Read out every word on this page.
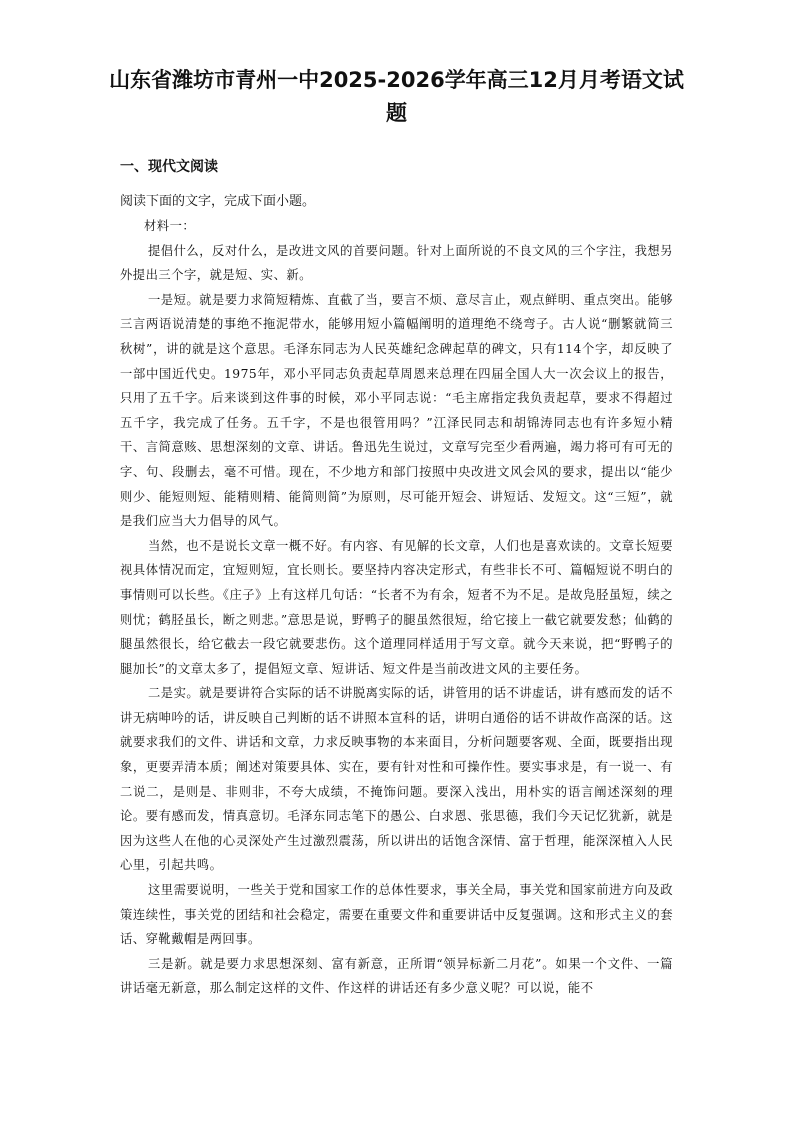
山东省潍坊市青州一中2025-2026学年高三12月月考语文试题
一、现代文阅读
阅读下面的文字，完成下面小题。

材料一：

提倡什么，反对什么，是改进文风的首要问题。针对上面所说的不良文风的三个字注，我想另外提出三个字，就是短、实、新。

一是短。就是要力求简短精炼、直截了当，要言不烦、意尽言止，观点鲜明、重点突出。能够三言两语说清楚的事绝不拖泥带水，能够用短小篇幅阐明的道理绝不绕弯子。古人说“删繁就简三秋树”，讲的就是这个意思。毛泽东同志为人民英雄纪念碑起草的碑文，只有114个字，却反映了一部中国近代史。1975年，邓小平同志负责起草周恩来总理在四届全国人大一次会议上的报告，只用了五千字。后来谈到这件事的时候，邓小平同志说：“毛主席指定我负责起草，要求不得超过五千字，我完成了任务。五千字，不是也很管用吗？”江泽民同志和胡锦涛同志也有许多短小精干、言简意赅、思想深刻的文章、讲话。鲁迅先生说过，文章写完至少看两遍，竭力将可有可无的字、句、段删去，毫不可惜。现在，不少地方和部门按照中央改进文风会风的要求，提出以“能少则少、能短则短、能精则精、能简则简”为原则，尽可能开短会、讲短话、发短文。这“三短”，就是我们应当大力倡导的风气。

当然，也不是说长文章一概不好。有内容、有见解的长文章，人们也是喜欢读的。文章长短要视具体情况而定，宜短则短，宜长则长。要坚持内容决定形式，有些非长不可、篇幅短说不明白的事情则可以长些。《庄子》上有这样几句话：“长者不为有余，短者不为不足。是故凫胫虽短，续之则忧；鹤胫虽长，断之则悲。”意思是说，野鸭子的腿虽然很短，给它接上一截它就要发愁；仙鹤的腿虽然很长，给它截去一段它就要悲伤。这个道理同样适用于写文章。就今天来说，把“野鸭子的腿加长”的文章太多了，提倡短文章、短讲话、短文件是当前改进文风的主要任务。

二是实。就是要讲符合实际的话不讲脱离实际的话，讲管用的话不讲虚话，讲有感而发的话不讲无病呻吟的话，讲反映自己判断的话不讲照本宣科的话，讲明白通俗的话不讲故作高深的话。这就要求我们的文件、讲话和文章，力求反映事物的本来面目，分析问题要客观、全面，既要指出现象，更要弄清本质；阐述对策要具体、实在，要有针对性和可操作性。要实事求是，有一说一、有二说二，是则是、非则非，不夸大成绩，不掩饰问题。要深入浅出，用朴实的语言阐述深刻的理论。要有感而发，情真意切。毛泽东同志笔下的愚公、白求恩、张思德，我们今天记忆犹新，就是因为这些人在他的心灵深处产生过激烈震荡，所以讲出的话饱含深情、富于哲理，能深深植入人民心里，引起共鸣。

这里需要说明，一些关于党和国家工作的总体性要求，事关全局，事关党和国家前进方向及政策连续性，事关党的团结和社会稳定，需要在重要文件和重要讲话中反复强调。这和形式主义的套话、穿靴戴帽是两回事。

三是新。就是要力求思想深刻、富有新意，正所谓“领异标新二月花”。如果一个文件、一篇讲话毫无新意，那么制定这样的文件、作这样的讲话还有多少意义呢？可以说，能不
